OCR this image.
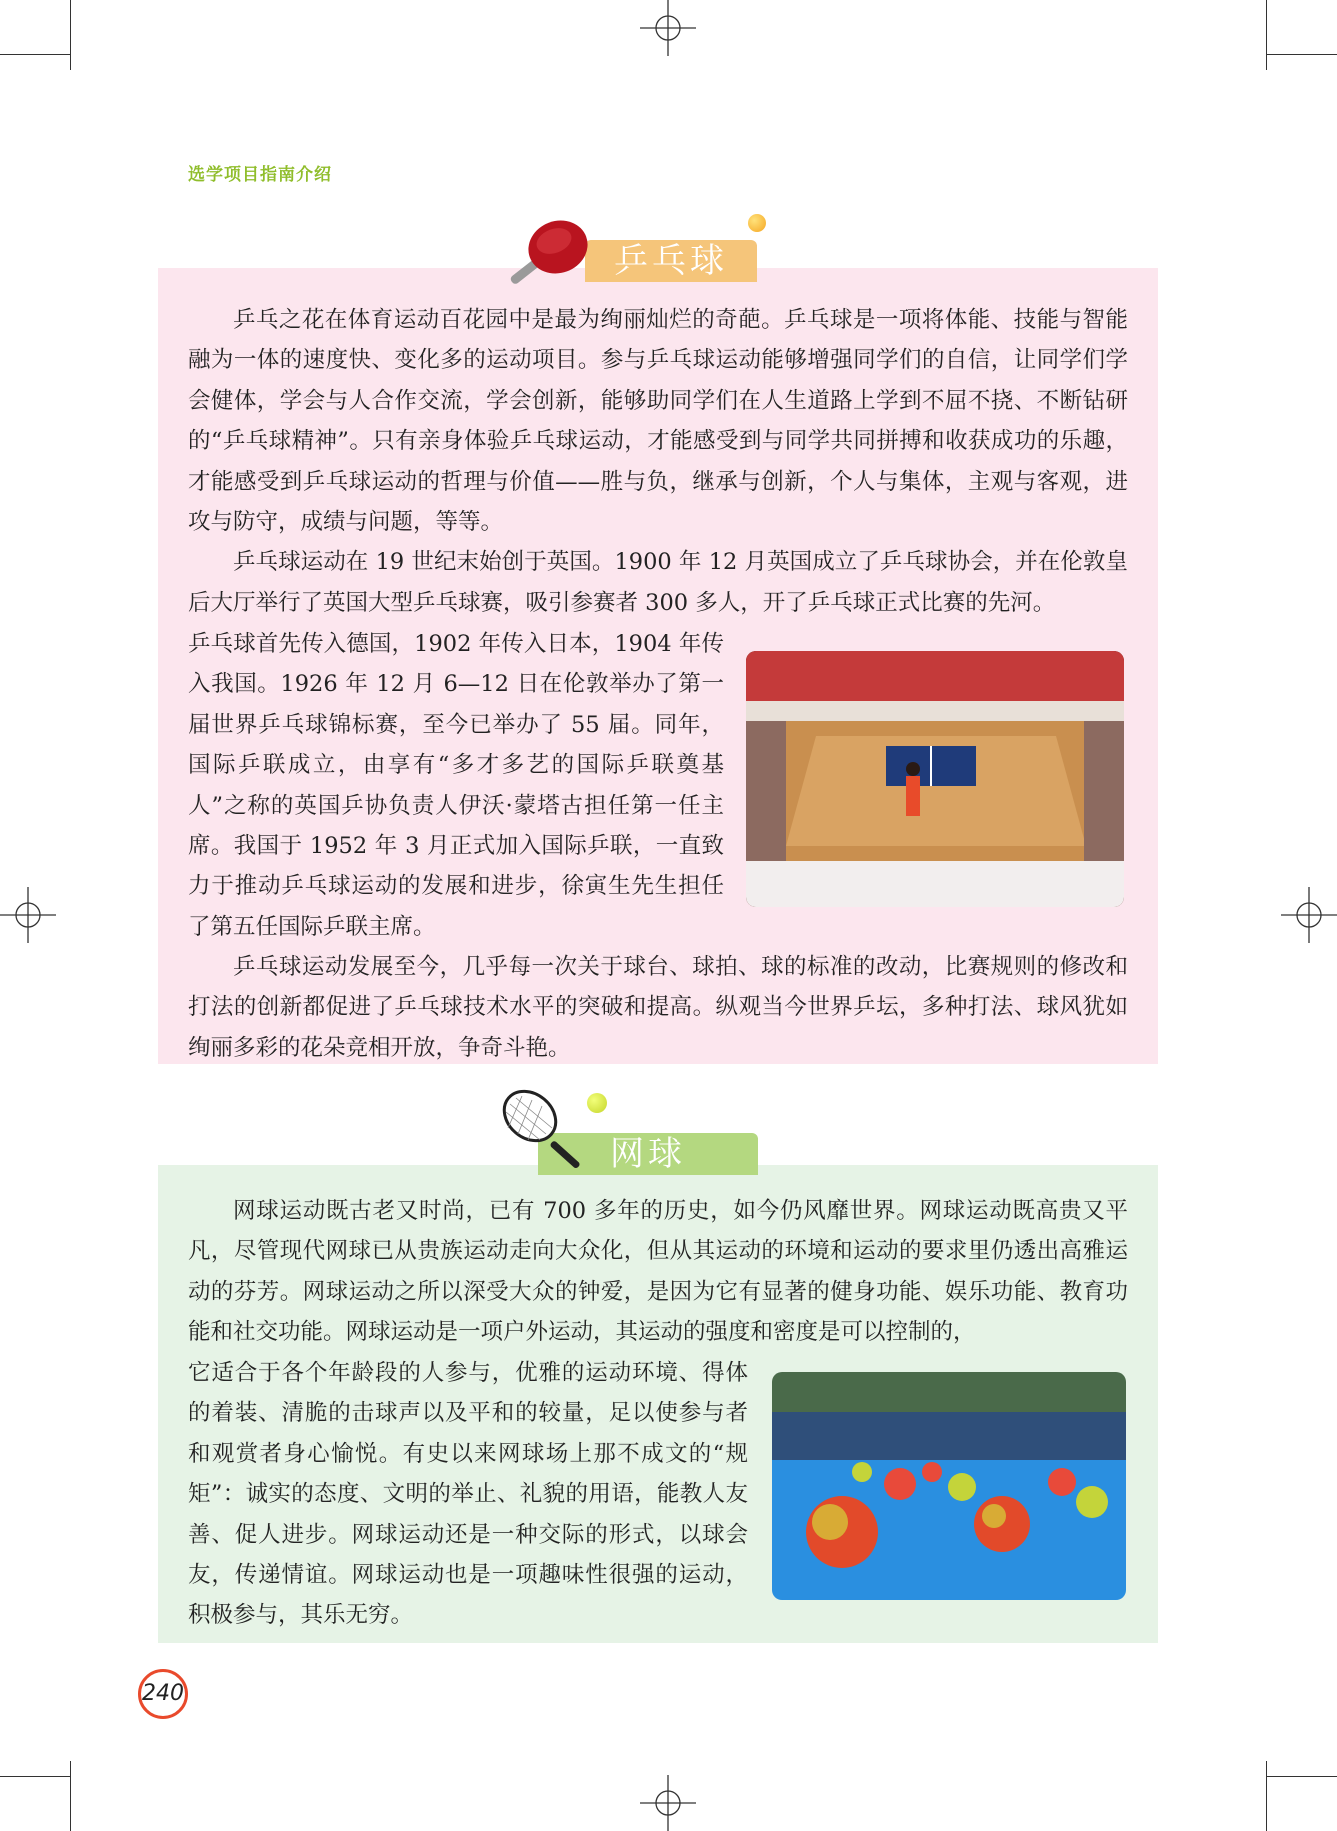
选学项目指南介绍
乒乓球

乒乓之花在体育运动百花园中是最为绚丽灿烂的奇葩。乒乓球是一项将体能、技能与智能融为一体的速度快、变化多的运动项目。参与乒乓球运动能够增强同学们的自信，让同学们学会健体，学会与人合作交流，学会创新，能够助同学们在人生道路上学到不屈不挠、不断钻研的“乒乓球精神”。只有亲身体验乒乓球运动，才能感受到与同学共同拼搏和收获成功的乐趣，才能感受到乒乓球运动的哲理与价值——胜与负，继承与创新，个人与集体，主观与客观，进攻与防守，成绩与问题，等等。

乒乓球运动在 19 世纪末始创于英国。1900 年 12 月英国成立了乒乓球协会，并在伦敦皇后大厅举行了英国大型乒乓球赛，吸引参赛者 300 多人，开了乒乓球正式比赛的先河。

乒乓球首先传入德国，1902 年传入日本，1904 年传入我国。1926 年 12 月 6—12 日在伦敦举办了第一届世界乒乓球锦标赛，至今已举办了 55 届。同年，国际乒联成立，由享有“多才多艺的国际乒联奠基人”之称的英国乒协负责人伊沃·蒙塔古担任第一任主席。我国于 1952 年 3 月正式加入国际乒联，一直致力于推动乒乓球运动的发展和进步，徐寅生先生担任了第五任国际乒联主席。

乒乓球运动发展至今，几乎每一次关于球台、球拍、球的标准的改动，比赛规则的修改和打法的创新都促进了乒乓球技术水平的突破和提高。纵观当今世界乒坛，多种打法、球风犹如绚丽多彩的花朵竞相开放，争奇斗艳。

网球

网球运动既古老又时尚，已有 700 多年的历史，如今仍风靡世界。网球运动既高贵又平凡，尽管现代网球已从贵族运动走向大众化，但从其运动的环境和运动的要求里仍透出高雅运动的芬芳。网球运动之所以深受大众的钟爱，是因为它有显著的健身功能、娱乐功能、教育功能和社交功能。网球运动是一项户外运动，其运动的强度和密度是可以控制的，

它适合于各个年龄段的人参与，优雅的运动环境、得体的着装、清脆的击球声以及平和的较量，足以使参与者和观赏者身心愉悦。有史以来网球场上那不成文的“规矩”：诚实的态度、文明的举止、礼貌的用语，能教人友善、促人进步。网球运动还是一种交际的形式，以球会友，传递情谊。网球运动也是一项趣味性很强的运动，积极参与，其乐无穷。

240
